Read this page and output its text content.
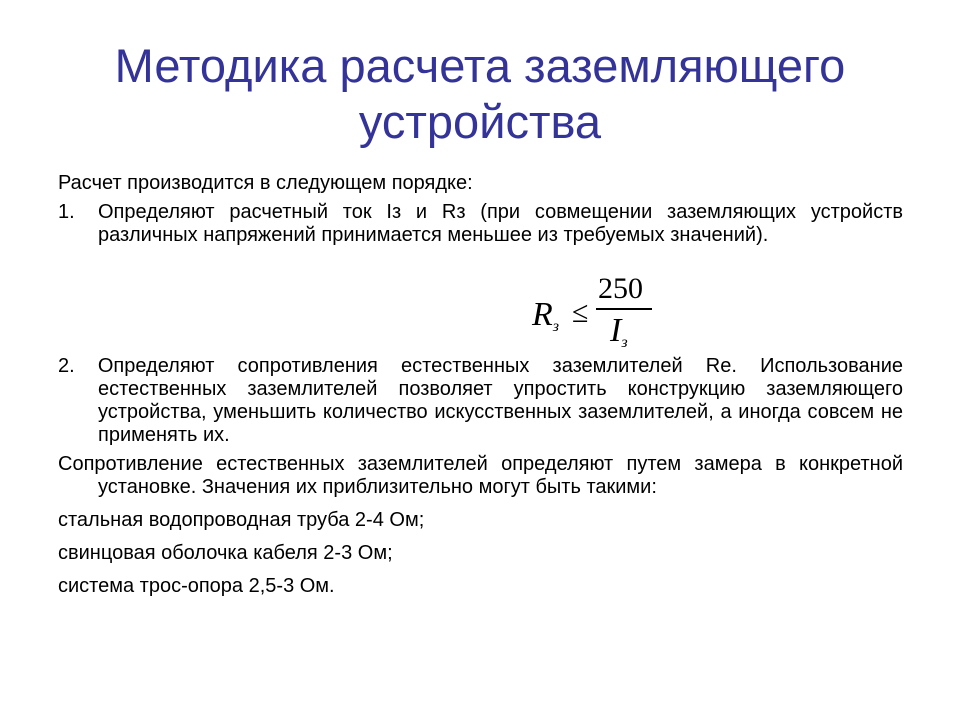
Методика расчета заземляющего
устройства

Расчет производится в следующем порядке:

1. Определяют расчетный ток Iз и Rз (при совмещении заземляющих устройств различных напряжений принимается меньшее из требуемых значений).

Rз ≤
250
Iз

2. Определяют сопротивления естественных заземлителей Re. Использование естественных заземлителей позволяет упростить конструкцию заземляющего устройства, уменьшить количество искусственных заземлителей, а иногда совсем не применять их.

Сопротивление естественных заземлителей определяют путем замера в конкретной установке. Значения их приблизительно могут быть такими:

стальная водопроводная труба 2-4 Ом;

свинцовая оболочка кабеля 2-3 Ом;

система трос-опора 2,5-3 Ом.
